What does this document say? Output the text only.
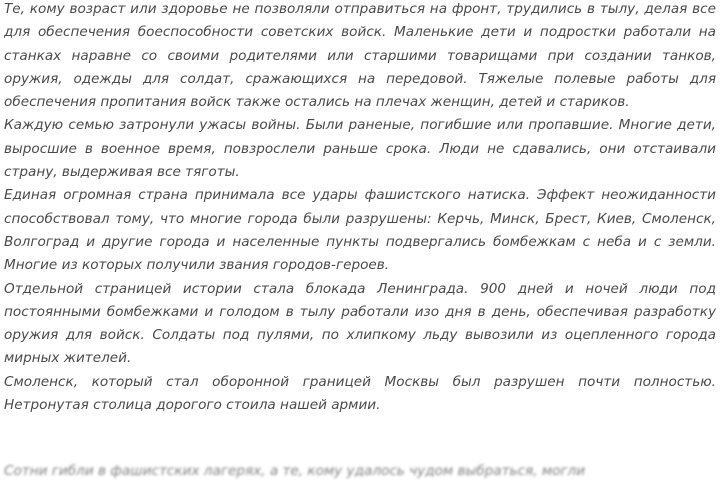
Те, кому возраст или здоровье не позволяли отправиться на фронт, трудились в тылу, делая все для обеспечения боеспособности советских войск. Маленькие дети и подростки работали на станках наравне со своими родителями или старшими товарищами при создании танков, оружия, одежды для солдат, сражающихся на передовой. Тяжелые полевые работы для обеспечения пропитания войск также остались на плечах женщин, детей и стариков.

Каждую семью затронули ужасы войны. Были раненые, погибшие или пропавшие. Многие дети, выросшие в военное время, повзрослели раньше срока. Люди не сдавались, они отстаивали страну, выдерживая все тяготы.

Единая огромная страна принимала все удары фашистского натиска. Эффект неожиданности способствовал тому, что многие города были разрушены: Керчь, Минск, Брест, Киев, Смоленск, Волгоград и другие города и населенные пункты подвергались бомбежкам с неба и с земли. Многие из которых получили звания городов-героев.

Отдельной страницей истории стала блокада Ленинграда. 900 дней и ночей люди под постоянными бомбежками и голодом в тылу работали изо дня в день, обеспечивая разработку оружия для войск. Солдаты под пулями, по хлипкому льду вывозили из оцепленного города мирных жителей.

Смоленск, который стал оборонной границей Москвы был разрушен почти полностью. Нетронутая столица дорогого стоила нашей армии.

Сотни гибли в фашистских лагерях, а те, кому удалось чудом выбраться, могли
